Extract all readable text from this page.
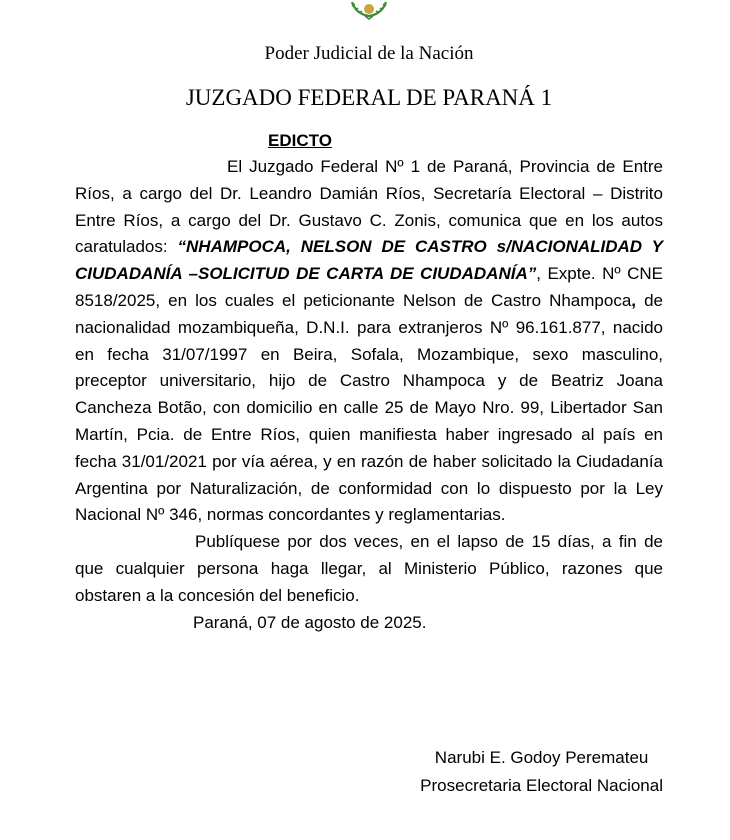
Poder Judicial de la Nación
JUZGADO FEDERAL DE PARANÁ 1
EDICTO

El Juzgado Federal Nº 1 de Paraná, Provincia de Entre Ríos, a cargo del Dr. Leandro Damián Ríos, Secretaría Electoral – Distrito Entre Ríos, a cargo del Dr. Gustavo C. Zonis, comunica que en los autos caratulados: “NHAMPOCA, NELSON DE CASTRO s/NACIONALIDAD Y CIUDADANÍA –SOLICITUD DE CARTA DE CIUDADANÍA”, Expte. Nº CNE 8518/2025, en los cuales el peticionante Nelson de Castro Nhampoca, de nacionalidad mozambiqueña, D.N.I. para extranjeros Nº 96.161.877, nacido en fecha 31/07/1997 en Beira, Sofala, Mozambique, sexo masculino, preceptor universitario, hijo de Castro Nhampoca y de Beatriz Joana Cancheza Botão, con domicilio en calle 25 de Mayo Nro. 99, Libertador San Martín, Pcia. de Entre Ríos, quien manifiesta haber ingresado al país en fecha 31/01/2021 por vía aérea, y en razón de haber solicitado la Ciudadanía Argentina por Naturalización, de conformidad con lo dispuesto por la Ley Nacional Nº 346, normas concordantes y reglamentarias.

Publíquese por dos veces, en el lapso de 15 días, a fin de que cualquier persona haga llegar, al Ministerio Público, razones que obstaren a la concesión del beneficio.

Paraná, 07 de agosto de 2025.
Narubi E. Godoy Perematеu
Prosecretaria Electoral Nacional
